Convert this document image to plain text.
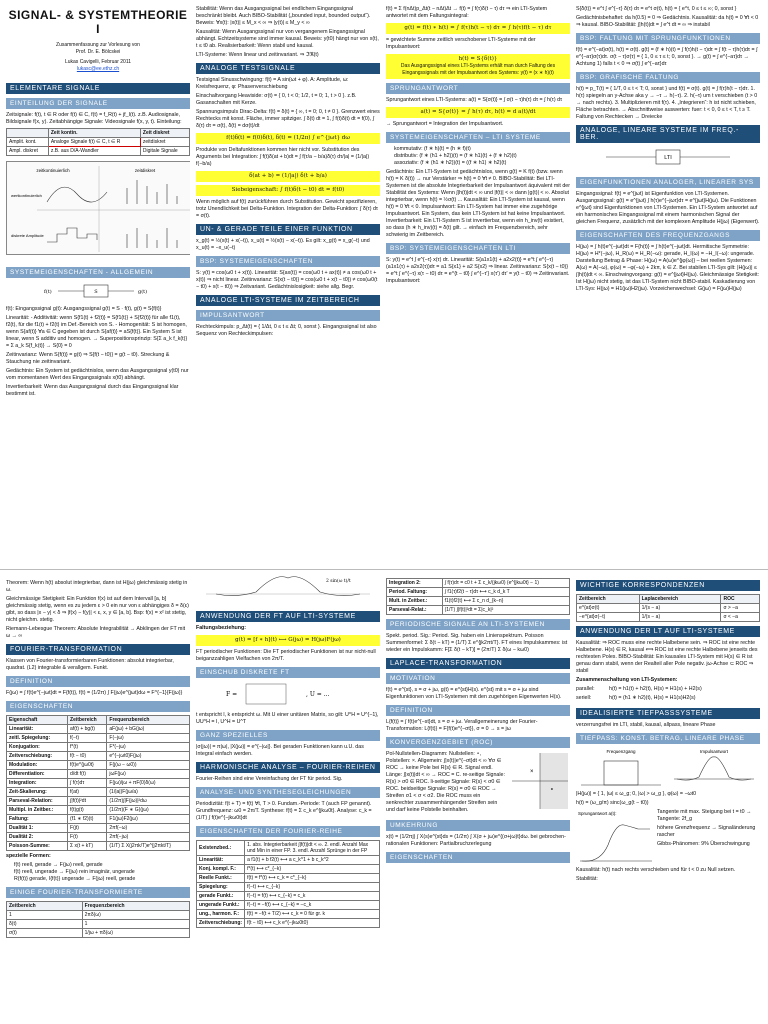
SIGNAL- & SYSTEMTHEORIE I
Zusammenfassung zur Vorlesung von
Prof. Dr. E. Bölcskei
Lukas Cavigelli, Februar 2011
lukasc@ee.ethz.ch
ELEMENTARE SIGNALE
EINTEILUNG DER SIGNALE

Zeitsignale: f(t), t ∈ R oder f(t) ∈ C, f(t) = f_R(t) + jf_I(t). z.B. Audiosignale, Bildsignale f(x, y). Zeitabhängige Signale: Videosignale f(x, y, t). Einteilung:

	Zeit kontin.	Zeit diskret
Amplit. kont.	Analoge Signale f(t) ∈ C, t ∈ R	zeitdiskret
Ampl. diskret	z.B. aus D/A-Wandler	Digitale Signale
zeitkontinuierlich	zeitdiskret
wertkontinuierlich
diskrete Amplitude
SYSTEMEIGENSCHAFTEN - ALLGEMEIN
f(t)	S	g(t)

f(t): Eingangssignal g(t): Ausgangssignal g(t) = S · f(t), g(t) = S{f(t)}

Linearität: - Additivität: wenn S{f1(t) + f2(t)} = S{f1(t)} + S{f2(t)} für alle f1(t), f2(t), für die f1(t) + f2(t) im Def.-Bereich von S. - Homogenität: S ist homogen, wenn S{af(t)} ∀a ∈ C gegeben ist durch S{af(t)} = aS{f(t)}. Ein System S ist linear, wenn S additiv und homogen. → Superpositionsprinzip: S{Σ a_k f_k(t)} = Σ a_k S{f_k(t)} → S{0} = 0

Zeitinvarianz: Wenn S{f(t)} = g(t) ⇒ S{f(t − t0)} = g(t − t0). Streckung & Stauchung nie zeitinvariant.

Gedächtnis: Ein System ist gedächtnislos, wenn das Ausgangssignal y(t0) nur vom momentanen Wert des Eingangssignals x(t0) abhängt.

Invertierbarkeit: Wenn das Ausgangssignal durch das Eingangssignal klar bestimmt ist.

Stabilität: Wenn das Ausgangssignal bei endlichem Eingangssignal beschränkt bleibt. Auch BIBO-Stabilität („bounded input, bounded output“). Beweis: ∀x(t): |x(t)| ≤ M_x < ∞ ⇒ |y(t)| ≤ M_y < ∞

Kausalität: Wenn Ausgangssignal nur von vergangenem Eingangssignal abhängt. Echtzeitsysteme sind immer kausal. Beweis: y(t0) hängt nur von x(t), t ≤ t0 ab. Realisierbarkeit: Wenn stabil und kausal.

LTI-Systeme: Wenn linear und zeitinvariant. ⇒ ℑℜ(t)

ANALOGE TESTSIGNALE

Testsignal Sinusschwingung: f(t) = A sin(ωt + φ). A: Amplitude, ω: Kreisfrequenz, φ: Phasenverschiebung

Einschaltvorgang Heaviside: σ(t) = { 0, t < 0; 1/2, t = 0; 1, t > 0 }. z.B. Gasanschalten mit Kerze.

Spannungsimpuls Dirac-Delta: f(t) = δ(t) = { ∞, t = 0; 0, t ≠ 0 }. Grenzwert eines Rechtecks mit konst. Fläche, immer spitziger. ∫ δ(t) dt = 1, ∫ f(t)δ(t) dt = f(0), ∫ δ(τ) dτ = σ(t), δ(t) = dσ(t)/dt

f(t)δ(t) = f(0)δ(t), δ(t) = (1/2π) ∫ e^{jωt} dω

Produkte von Deltafunktionen kommen hier nicht vor. Substitution des Arguments bei Integration: ∫ f(t)δ(at + b)dt = ∫ f(τ/a − b/a)δ(τ) dτ/|a| = (1/|a|) f(−b/a)

δ(at + b) = (1/|a|) δ(t + b/a)
Siebeigenschaft: ∫ f(t)δ(t − t0) dt = f(t0)

Wenn möglich auf f(t) zurückführen durch Substitution. Gewicht spezifizieren, trotz Unendlichkeit bei Delta-Funktion. Integration der Delta-Funktion: ∫ δ(τ) dτ = σ(t).

UN- & GERADE TEILE EINER FUNKTION

x_g(t) = ½(x(t) + x(−t)), x_u(t) = ½(x(t) − x(−t)). Es gilt: x_g(t) = x_g(−t) und x_u(t) = −x_u(−t)

BSP: SYSTEMEIGENSCHAFTEN

S: y(t) = cos(ω0 t + x(t)). Linearität: S{ax(t)} = cos(ω0 t + ax(t)) ≠ a cos(ω0 t + x(t)) ⇒ nicht linear. Zeitinvarianz: S{x(t − t0)} = cos(ω0 t + x(t − t0)) ≠ cos(ω0(t − t0) + x(t − t0)) ⇒ Zeitvariant. Gedächtnislosigkeit: siehe allg. Begr.

ANALOGE LTI-SYSTEME IM ZEITBEREICH
IMPULSANTWORT

Rechteckimpuls: p_Δt(t) = { 1/Δt, 0 ≤ t ≤ Δt; 0, sonst }. Eingangssignal ist also Sequenz von Rechteckimpulsen:

f(t) = Σ f(nΔt)p_Δt(t − nΔt)Δt → f(t) = ∫ f(τ)δ(t − τ) dτ ⇒ ein LTI-System antwortet mit dem Faltungsintegral:

g(t) = f(t) ∗ h(t) = ∫ f(τ)h(t − τ) dτ = ∫ h(τ)f(t − τ) dτ

= gewichtete Summe zeitlich verschobener LTI-Systeme mit der Impulsantwort:

h(t) = S{δ(t)}
Das Ausgangssignal eines LTI-Systems erhält man durch Faltung des Eingangssignals mit der Impulsantwort des Systems: y(t) = (x ∗ h)(t)
SPRUNGANTWORT

Sprungantwort eines LTI-Systems: a(t) = S{σ(t)} = ∫ σ(t − τ)h(τ) dτ = ∫ h(τ) dτ

a(t) = S{σ(t)} = ∫ h(τ) dτ, h(t) = d a(t)/dt

→ Sprungantwort = Integration der Impulsantwort.

SYSTEMEIGENSCHAFTEN – LTI SYSTEME
• kommutativ: (f ∗ h)(t) = (h ∗ f)(t)
• distributiv: (f ∗ (h1 + h2))(t) = (f ∗ h1)(t) + (f ∗ h2)(t)
• assoziativ: (f ∗ (h1 ∗ h2))(t) = ((f ∗ h1) ∗ h2)(t)

Gedächtnis: Ein LTI-System ist gedächtnislos, wenn g(t) = K f(t) (bzw. wenn h(t) = K δ(t)) → nur Verstärker ⇒ h(t) = 0 ∀t ≠ 0. BIBO-Stabilität: Bei LTI-Systemen ist die absolute Integrierbarkeit der Impulsantwort äquivalent mit der Stabilität des Systems: Wenn ∫|h(t)|dt < ∞ und |f(t)| < ∞ dann |g(t)| < ∞. Absolut integrierbar, wenn h(t) = ½σ(t) ... Kausalität: Ein LTI-System ist kausal, wenn h(t) = 0 ∀t < 0. Impulsantwort: Ein LTI-System hat immer eine zugehörige Impulsantwort. Ein System, das kein LTI-System ist hat keine Impulsantwort. Invertierbarkeit: Ein LTI-System S ist invertierbar, wenn ein h_inv(t) existiert, so dass (h ∗ h_inv)(t) = δ(t) gilt. → einfach im Frequenzbereich, sehr schwierig im Zeitbereich.

BSP: SYSTEMEIGENSCHAFTEN LTI

S: y(t) = e^t ∫ e^{−τ} x(τ) dτ. Linearität: S{a1x1(t) + a2x2(t)} = e^t ∫ e^{−τ}(a1x1(τ) + a2x2(τ))dτ = a1 S{x1} + a2 S{x2} ⇒ linear. Zeitinvarianz: S{x(t − t0)} = e^t ∫ e^{−τ} x(τ − t0) dτ = e^{t − t0} ∫ e^{−τ'} x(τ') dτ' = y(t − t0) ⇒ Zeitinvariant. Impulsantwort:

S{δ(t)} = e^t ∫ e^{−τ} δ(τ) dτ = e^t σ(t), h(t) = { e^t, 0 ≤ t ≤ ∞; 0, sonst }

Gedächtnisbehaftet: da h(0.5) = 0 ⇒ Gedächtnis. Kausalität: da h(t) = 0 ∀t < 0 ⇒ kausal. BIBO-Stabilität: ∫|h(t)|dt = ∫ e^t dt = ∞ ⇒ instabil

BSP: FALTUNG MIT SPRUNGFUNKTIONEN

f(t) = e^{−at}σ(t), h(t) = σ(t). g(t) = (f ∗ h)(t) = ∫ f(τ)h(t − τ)dτ = ∫ f(t − τ)h(τ)dτ = ∫ e^{−aτ}σ(τ)dτ. σ(t − τ)σ(τ) = { 1, 0 ≤ τ ≤ t; 0, sonst }. → g(t) = ∫ e^{−aτ}dτ → Achtung 1) falls t < 0 ⇒ σ(t) ∫ e^{−aτ}dτ

BSP: GRAFISCHE FALTUNG

h(t) = p_T(t) = { 1/T, 0 ≤ t < T; 0, sonst } und f(t) = σ(t). g(t) = ∫ f(τ)h(t − τ)dτ. 1. h(τ) spiegeln an y-Achse aka y → −τ → h(−τ). 2. h(−τ) um t verschieben (t > 0 → nach rechts). 3. Multiplizieren mit f(τ). 4. „Integrieren“: h ist nicht schieben, Fläche betrachten. → Abschnittweise auswerten: fuer: t < 0, 0 ≤ t < T, t ≥ T. Faltung von Rechtecken → Dreiecke

ANALOGE, LINEARE SYSTEME IM FREQ.-BER.
LTI
EIGENFUNKTIONEN ANALOGER, LINEARER SYS

Eingangssignal: f(t) = e^{jωt} ist Eigenfunktion von LTI-Systemen. Ausgangssignal: g(t) = e^{jωt} ∫ h(τ)e^{−jωτ}dτ = e^{jωt}H(jω). Die Funktionen e^{jωt} sind Eigenfunktionen von LTI-Systemen. Ein LTI-System antwortet auf ein harmonisches Eingangssignal mit einem harmonischen Signal der gleichen Frequenz, zusätzlich mit der komplexen Amplitude H(jω) (Eigenwert).

EIGENSCHAFTEN DES FREQUENZGANGS

H(jω) = ∫ h(t)e^{−jωt}dt = F{h(t)} = ∫ h(t)e^{−jωt}dt. Hermitische Symmetrie: H(jω) = H*(−jω), H_R(ω) = H_R(−ω): gerade, H_I(ω) = −H_I(−ω): ungerade. Darstellung Betrag & Phase: H(jω) = A(ω)e^{jφ(ω)} – bei reellen Systemen: A(ω) = A(−ω), φ(ω) = −φ(−ω) + 2kπ, k ∈ Z. Bei stabilen LTI-Sys gilt: |H(jω)| ≤ ∫|h(t)|dt < ∞. Einschwingvorgang: g(t) = e^{jωt}H(jω). Gleichmässige Stetigkeit: Ist H(jω) nicht stetig, ist das LTI-System nicht BIBO-stabil. Kaskadierung von LTI-Sys: H(jω) = H1(jω)H2(jω). Vorzeichenwechsel: G(jω) = F(jω)H(jω)

Theorem: Wenn h(t) absolut integrierbar, dann ist H(jω) gleichmässig stetig in ω.

Gleichmässige Stetigkeit: Ein Funktion f(x) ist auf dem Intervall [a, b] gleichmässig stetig, wenn es zu jedem ε > 0 ein nur von ε abhängiges δ = δ(ε) gibt, so dass |x − y| < δ ⇒ |f(x) − f(y)| < ε, x, y ∈ [a, b]. Bsp: f(x) = x² ist stetig, nicht gleichm. stetig.

Riemann-Lebesgue Theorem: Absolute Integrabilität → Abklingen der FT mit ω → ∞

FOURIER-TRANSFORMATION

Klassen von Fourier-transformierbaren Funktionen: absolut integrierbar, quadrat. (L2) integrable & verallgem. Funkt.

DEFINITION

F(jω) = ∫ f(t)e^{−jωt}dt = F{f(t)}, f(t) = (1/2π) ∫ F(jω)e^{jωt}dω = F^{−1}{F(jω)}

EIGENSCHAFTEN
Eigenschaft	Zeitbereich	Frequenzbereich
Linearität:	af(t) + bg(t)	aF(jω) + bG(jω)
zeitl. Spiegelung:	f(−t)	F(−jω)
Konjugation:	f*(t)	F*(−jω)
Zeitverschiebung:	f(t − t0)	e^{−jωt0}F(jω)
Modulation:	f(t)e^{jω0t}	F(j(ω − ω0))
Differentiation:	d/dt f(t)	jωF(jω)
Integration:	∫ f(τ)dτ	F(jω)/jω + πF(0)δ(ω)
Zeit-Skalierung:	f(at)	(1/|a|)F(jω/a)
Parseval-Relation:	∫|f(t)|²dt	(1/2π)∫|F(jω)|²dω
Multipl. in Zeitber.:	f(t)g(t)	(1/2π)(F ∗ G)(jω)
Faltung:	(f1 ∗ f2)(t)	F1(jω)F2(jω)
Dualität 1:	F(jt)	2πf(−ω)
Dualität 2:	F(t)	2πf(−jω)
Poisson-Summe:	Σ x(t + kT)	(1/T) Σ X(j2πk/T)e^{j2πkt/T}

spezielle Formen:

• f(t) reell, gerade → F(jω) reell, gerade
• f(t) reell, ungerade → F(jω) rein imaginär, ungerade
• R{f(t)} gerade, I{f(t)} ungerade → F(jω) reell, gerade
EINIGE FOURIER-TRANSFORMIERTE
Zeitbereich	Frequenzbereich
1	2πδ(ω)
δ(t)	1
σ(t)	1/jω + πδ(ω)
2 sin(ω t)/t
ANWENDUNG DER FT AUF LTI-SYSTEME

Faltungsbeziehung:

g(t) = [f ∗ h](t) ⟷ G(jω) = H(jω)F(jω)

FT periodischer Funktionen: Die FT periodischer Funktionen ist nur nicht-null beiganzzahligen Vielfachen von 2π/T.

EINSCHUB DISKRETE FT
F =	, U = ...

t entspricht l, k entspricht ω. Mit U einer unitären Matrix, so gilt: U^H = U^{−1}, UU^H = I, U^H = U^T

GANZ SPEZIELLES

|σ(jω)| = π|ω|, |X(jω)| = e^{−|ω|}. Bei geraden Funktionen kann u.U. das Integral einfach werden.

HARMONISCHE ANALYSE – FOURIER-REIHEN

Fourier-Reihen sind eine Vereinfachung der FT für period. Sig.

ANALYSE- UND SYNTHESEGLEICHUNGEN

Periodizität: f(t + T) = f(t) ∀t, T > 0. Fundam.-Periode: T (auch FP genannt). Grundfrequenz: ω0 = 2π/T. Synthese: f(t) = Σ c_k e^{jkω0t}. Analyse: c_k = (1/T) ∫ f(t)e^{−jkω0t}dt

EIGENSCHAFTEN DER FOURIER-REIHE
Existenzbed.:	1. abs. Integrierbarkeit ∫|f(t)|dt < ∞. 2. endl. Anzahl Max und Min in einer FP. 3. endl. Anzahl Sprünge in der FP
Linearität:	a f1(t) + b f2(t) ⟷ a c_k^1 + b c_k^2
Konj. kompl. F.:	f*(t) ⟷ c*_{−k}
Reelle Funkt.:	f(t) = f*(t) ⟷ c_k = c*_{−k}
Spiegelung:	f(−t) ⟷ c_{−k}
gerade Funkt.:	f(−t) = f(t) ⟷ c_{−k} = c_k
ungerade Funkt.:	f(−t) = −f(t) ⟷ c_{−k} = −c_k
ung., harmon. F.:	f(t) = −f(t + T/2) ⟷ c_k = 0 für gr. k
Zeitverschiebung:	f(t − t0) ⟷ c_k e^{−jkω0t0}
Integration 2:	∫ f(τ)dτ = c0 t + Σ c_k/(jkω0) (e^{jkω0t} − 1)
Period. Faltung:	∫ f1(τ)f2(t − τ)dτ ⟷ c_k d_k T
Mult. in Zeitber.:	f1(t)f2(t) ⟷ Σ c_n d_{k−n}
Parseval-Relat.:	(1/T) ∫|f(t)|²dt = Σ|c_k|²
PERIODISCHE SIGNALE AN LTI-SYSTEMEN

Spekt. period. Sig.: Period. Sig. haben ein Linienspektrum. Poisson Summenformel: Σ δ(t − kT) = (1/T) Σ e^{jk2πt/T}. FT eines Impulskammes: ist wieder ein Impulskamm: F[Σ δ(t − kT)] = (2π/T) Σ δ(ω − kω0)

LAPLACE-TRANSFORMATION
MOTIVATION

f(t) = e^{st}, s = σ + jω, g(t) = e^{st}H(s). e^{st} mit s = σ + jω sind Eigenfunktionen von LTI-Systemen mit den zugehörigen Eigenwerten H(s).

DEFINITION

L{f(t)} = ∫ f(t)e^{−st}dt, s = σ + jω. Verallgemeinerung der Fourier-Transformation: L{f(t)} = F{f(t)e^{−σt}}, σ = 0 → s = jω

KONVERGENZGEBIET (ROC)

Pol-Nullstellen-Diagramm: Nullstellen: ∘, Polstellen: ×. Allgemein: ∫|x(t)|e^{−σt}dt < ∞ ∀σ ∈ ROC → keine Pole bei R{s} ∈ R. Signal endl. Länge: ∫|x(t)|dt < ∞ → ROC = C. re-seitige Signale: R{s} > σ0 ∈ ROC. li-seitige Signale: R{s} < σ0 ∈ ROC. beidseitige Signale: R{s} = σ0 ∈ ROC → Streifen σ1 < σ < σ2. Die ROC muss ein senkrechter zusammenhängender Streifen sein und darf keine Polstelle beinhalten.

×
∘
UMKEHRUNG

x(t) = (1/2πj) ∫ X(s)e^{st}ds = (1/2π) ∫ X(σ + jω)e^{(σ+jω)t}dω. bei gebrochen-rationalen Funktionen: Partialbruchzerlegung

EIGENSCHAFTEN
WICHTIGE KORRESPONDENZEN
Zeitbereich	Laplacebereich	ROC
e^{at}σ(t)	1/(s − a)	σ > −a
−e^{at}σ(−t)	1/(s − a)	σ < −a
ANWENDUNG DER LT AUF LTI-SYSTEME

Kausalität: ⇒ ROC muss eine rechte Halbebene sein. ⇒ ROC ist eine rechte Halbebene. H(s) ∈ R, kausal ⟺ ROC ist eine rechte Halbebene jenseits des rechtesten Poles. BIBO-Stabilität: Ein kausales LTI-System mit H(s) ∈ R ist genau dann stabil, wenn der Realteil aller Pole negativ. jω-Achse ⊂ ROC ⇒ stabil

Zusammenschaltung von LTI-Systemen:

parallel:	h(t) = h1(t) + h2(t), H(s) = H1(s) + H2(s)

seriell:	h(t) = (h1 ∗ h2)(t), H(s) = H1(s)H2(s)

IDEALISIERTE TIEFPASSSYSTEME

verzerrungsfrei im LTI, stabil, kausal, allpass, lineare Phase

TIEFPASS: KONST. BETRAG, LINEARE PHASE
Frequenzgang	Impulsantwort

|H(jω)| = { 1, |ω| ≤ ω_g; 0, |ω| > ω_g }, φ(ω) = −ωt0

h(t) = (ω_g/π) sinc(ω_g(t − t0))

Sprungantwort a(t):	Tangente mit max. Steigung bei t = t0 → Tangente: 2f_g

höhere Grenzfrequenz → Signaländerung rascher

Gibbs-Phänomen: 9% Überschwingung

Kausalität: h(t) nach rechts verschieben und für t < 0 zu Null setzen.

Stabilität:
